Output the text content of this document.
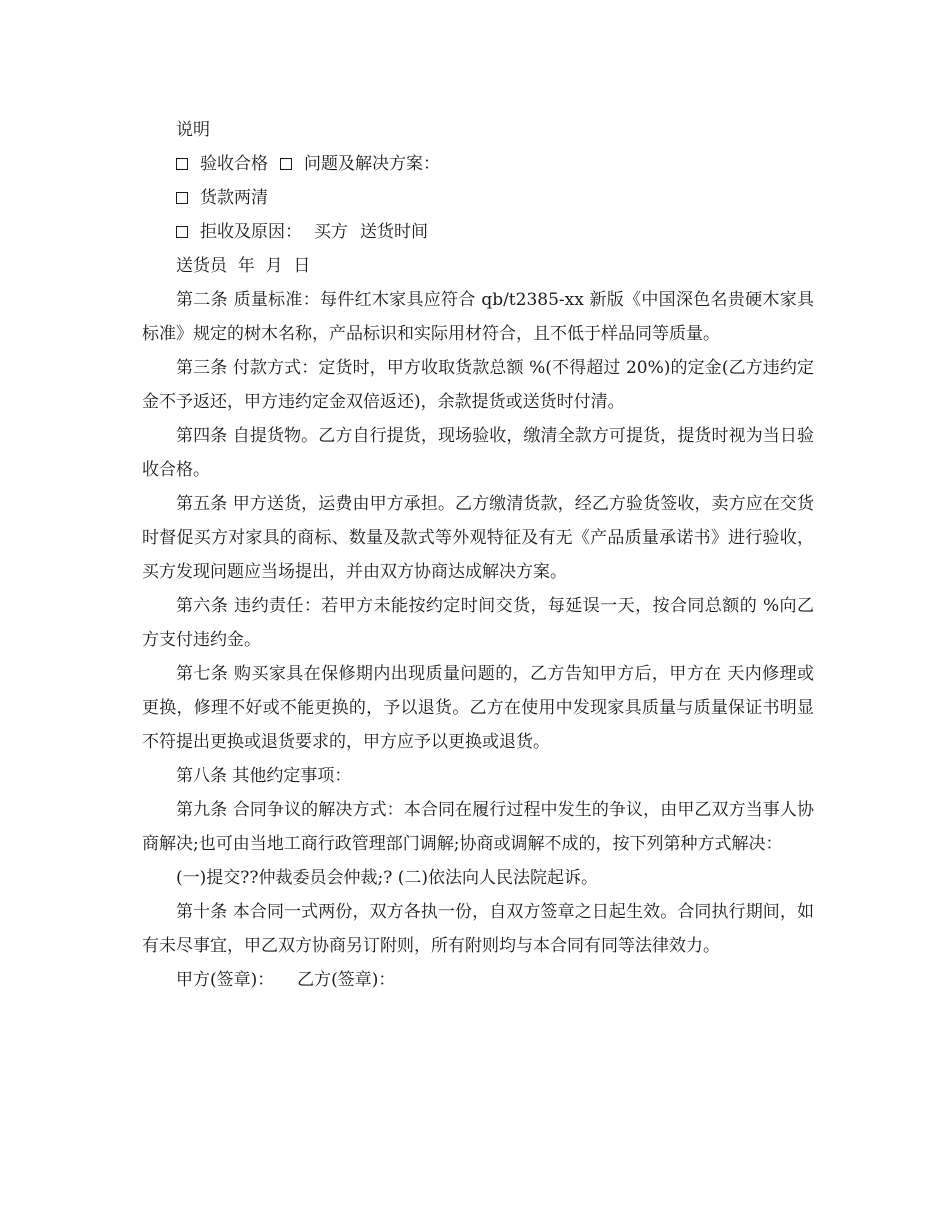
说明
验收合格 问题及解决方案：
货款两清
拒收及原因： 买方 送货时间
送货员  年  月  日

第二条 质量标准：每件红木家具应符合 qb/t2385-xx 新版《中国深色名贵硬木家具标准》规定的树木名称，产品标识和实际用材符合，且不低于样品同等质量。

第三条 付款方式：定货时，甲方收取货款总额 %(不得超过 20%)的定金(乙方违约定金不予返还，甲方违约定金双倍返还)，余款提货或送货时付清。

第四条 自提货物。乙方自行提货，现场验收，缴清全款方可提货，提货时视为当日验收合格。

第五条 甲方送货，运费由甲方承担。乙方缴清货款，经乙方验货签收，卖方应在交货时督促买方对家具的商标、数量及款式等外观特征及有无《产品质量承诺书》进行验收，买方发现问题应当场提出，并由双方协商达成解决方案。

第六条 违约责任：若甲方未能按约定时间交货，每延误一天，按合同总额的 %向乙方支付违约金。

第七条 购买家具在保修期内出现质量问题的，乙方告知甲方后，甲方在 天内修理或更换，修理不好或不能更换的，予以退货。乙方在使用中发现家具质量与质量保证书明显不符提出更换或退货要求的，甲方应予以更换或退货。

第八条 其他约定事项：

第九条 合同争议的解决方式：本合同在履行过程中发生的争议，由甲乙双方当事人协商解决;也可由当地工商行政管理部门调解;协商或调解不成的，按下列第种方式解决：

(一)提交??仲裁委员会仲裁;? (二)依法向人民法院起诉。

第十条 本合同一式两份，双方各执一份，自双方签章之日起生效。合同执行期间，如有未尽事宜，甲乙双方协商另订附则，所有附则均与本合同有同等法律效力。

甲方(签章)： 乙方(签章)：
